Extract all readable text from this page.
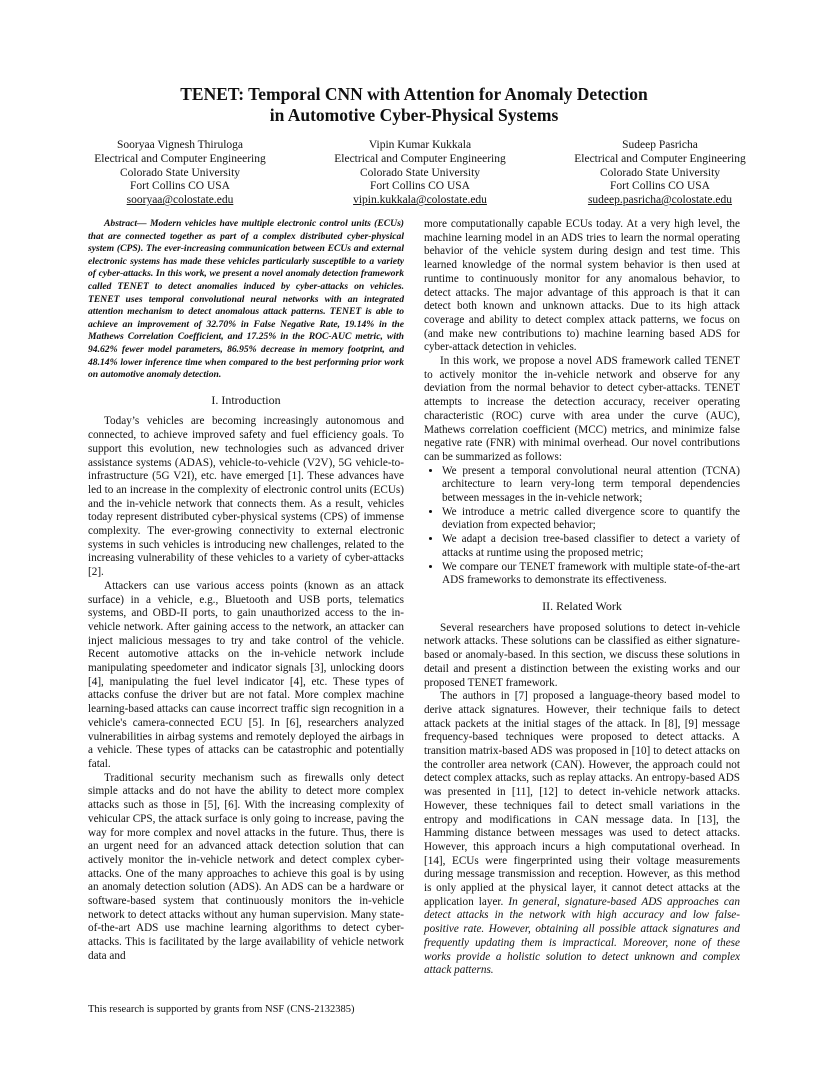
TENET: Temporal CNN with Attention for Anomaly Detection
in Automotive Cyber-Physical Systems
Sooryaa Vignesh Thiruloga
Electrical and Computer Engineering
Colorado State University
Fort Collins CO USA
sooryaa@colostate.edu
Vipin Kumar Kukkala
Electrical and Computer Engineering
Colorado State University
Fort Collins CO USA
vipin.kukkala@colostate.edu
Sudeep Pasricha
Electrical and Computer Engineering
Colorado State University
Fort Collins CO USA
sudeep.pasricha@colostate.edu

Abstract— Modern vehicles have multiple electronic control units (ECUs) that are connected together as part of a complex distributed cyber-physical system (CPS). The ever-increasing communication between ECUs and external electronic systems has made these vehicles particularly susceptible to a variety of cyber-attacks. In this work, we present a novel anomaly detection framework called TENET to detect anomalies induced by cyber-attacks on vehicles. TENET uses temporal convolutional neural networks with an integrated attention mechanism to detect anomalous attack patterns. TENET is able to achieve an improvement of 32.70% in False Negative Rate, 19.14% in the Mathews Correlation Coefficient, and 17.25% in the ROC-AUC metric, with 94.62% fewer model parameters, 86.95% decrease in memory footprint, and 48.14% lower inference time when compared to the best performing prior work on automotive anomaly detection.

I. Introduction

Today’s vehicles are becoming increasingly autonomous and connected, to achieve improved safety and fuel efficiency goals. To support this evolution, new technologies such as advanced driver assistance systems (ADAS), vehicle-to-vehicle (V2V), 5G vehicle-to-infrastructure (5G V2I), etc. have emerged [1]. These advances have led to an increase in the complexity of electronic control units (ECUs) and the in-vehicle network that connects them. As a result, vehicles today represent distributed cyber-physical systems (CPS) of immense complexity. The ever-growing connectivity to external electronic systems in such vehicles is introducing new challenges, related to the increasing vulnerability of these vehicles to a variety of cyber-attacks [2].

Attackers can use various access points (known as an attack surface) in a vehicle, e.g., Bluetooth and USB ports, telematics systems, and OBD-II ports, to gain unauthorized access to the in-vehicle network. After gaining access to the network, an attacker can inject malicious messages to try and take control of the vehicle. Recent automotive attacks on the in-vehicle network include manipulating speedometer and indicator signals [3], unlocking doors [4], manipulating the fuel level indicator [4], etc. These types of attacks confuse the driver but are not fatal. More complex machine learning-based attacks can cause incorrect traffic sign recognition in a vehicle's camera-connected ECU [5]. In [6], researchers analyzed vulnerabilities in airbag systems and remotely deployed the airbags in a vehicle. These types of attacks can be catastrophic and potentially fatal.

Traditional security mechanism such as firewalls only detect simple attacks and do not have the ability to detect more complex attacks such as those in [5], [6]. With the increasing complexity of vehicular CPS, the attack surface is only going to increase, paving the way for more complex and novel attacks in the future. Thus, there is an urgent need for an advanced attack detection solution that can actively monitor the in-vehicle network and detect complex cyber-attacks. One of the many approaches to achieve this goal is by using an anomaly detection solution (ADS). An ADS can be a hardware or software-based system that continuously monitors the in-vehicle network to detect attacks without any human supervision. Many state-of-the-art ADS use machine learning algorithms to detect cyber-attacks. This is facilitated by the large availability of vehicle network data and

more computationally capable ECUs today. At a very high level, the machine learning model in an ADS tries to learn the normal operating behavior of the vehicle system during design and test time. This learned knowledge of the normal system behavior is then used at runtime to continuously monitor for any anomalous behavior, to detect attacks. The major advantage of this approach is that it can detect both known and unknown attacks. Due to its high attack coverage and ability to detect complex attack patterns, we focus on (and make new contributions to) machine learning based ADS for cyber-attack detection in vehicles.

In this work, we propose a novel ADS framework called TENET to actively monitor the in-vehicle network and observe for any deviation from the normal behavior to detect cyber-attacks. TENET attempts to increase the detection accuracy, receiver operating characteristic (ROC) curve with area under the curve (AUC), Mathews correlation coefficient (MCC) metrics, and minimize false negative rate (FNR) with minimal overhead. Our novel contributions can be summarized as follows:

• We present a temporal convolutional neural attention (TCNA) architecture to learn very-long term temporal dependencies between messages in the in-vehicle network;
• We introduce a metric called divergence score to quantify the deviation from expected behavior;
• We adapt a decision tree-based classifier to detect a variety of attacks at runtime using the proposed metric;
• We compare our TENET framework with multiple state-of-the-art ADS frameworks to demonstrate its effectiveness.
II. Related Work

Several researchers have proposed solutions to detect in-vehicle network attacks. These solutions can be classified as either signature-based or anomaly-based. In this section, we discuss these solutions in detail and present a distinction between the existing works and our proposed TENET framework.

The authors in [7] proposed a language-theory based model to derive attack signatures. However, their technique fails to detect attack packets at the initial stages of the attack. In [8], [9] message frequency-based techniques were proposed to detect attacks. A transition matrix-based ADS was proposed in [10] to detect attacks on the controller area network (CAN). However, the approach could not detect complex attacks, such as replay attacks. An entropy-based ADS was presented in [11], [12] to detect in-vehicle network attacks. However, these techniques fail to detect small variations in the entropy and modifications in CAN message data. In [13], the Hamming distance between messages was used to detect attacks. However, this approach incurs a high computational overhead. In [14], ECUs were fingerprinted using their voltage measurements during message transmission and reception. However, as this method is only applied at the physical layer, it cannot detect attacks at the application layer. In general, signature-based ADS approaches can detect attacks in the network with high accuracy and low false-positive rate. However, obtaining all possible attack signatures and frequently updating them is impractical. Moreover, none of these works provide a holistic solution to detect unknown and complex attack patterns.

This research is supported by grants from NSF (CNS-2132385)
